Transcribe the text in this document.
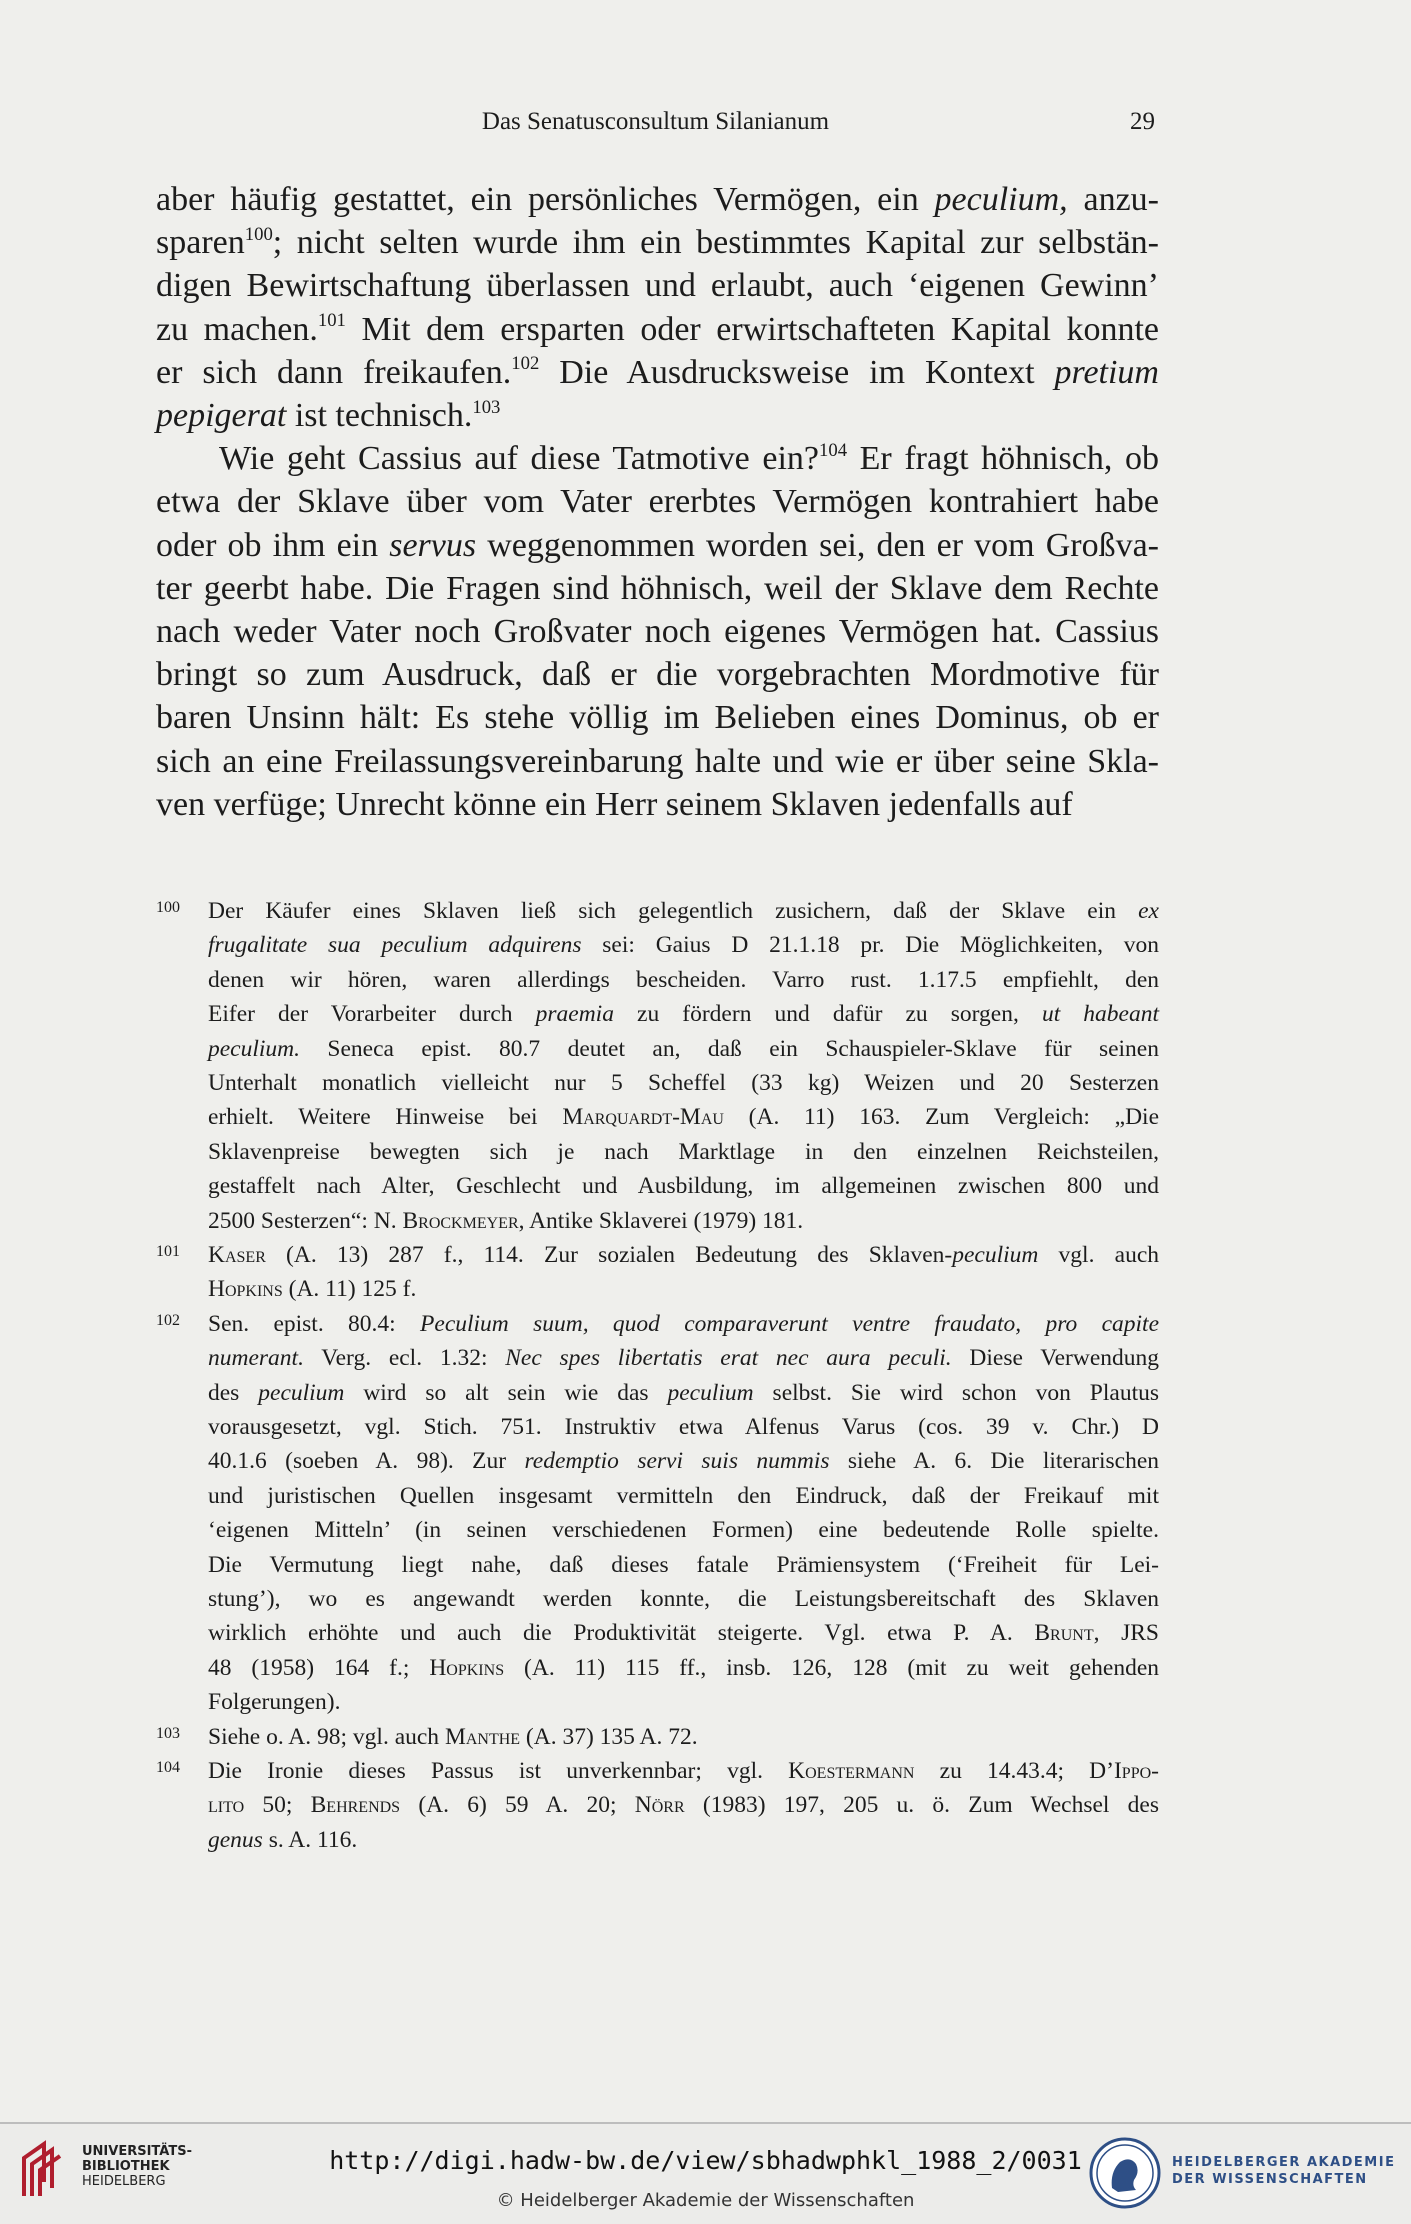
Das Senatusconsultum Silanianum	29
aber häufig gestattet, ein persönliches Vermögen, ein peculium, anzu-
sparen$^{100}$; nicht selten wurde ihm ein bestimmtes Kapital zur selbstän-
digen Bewirtschaftung überlassen und erlaubt, auch ‘eigenen Gewinn’
zu machen.$^{101}$ Mit dem ersparten oder erwirtschafteten Kapital konnte
er sich dann freikaufen.$^{102}$ Die Ausdrucksweise im Kontext pretium
pepigerat ist technisch.$^{103}$
Wie geht Cassius auf diese Tatmotive ein?$^{104}$ Er fragt höhnisch, ob
etwa der Sklave über vom Vater ererbtes Vermögen kontrahiert habe
oder ob ihm ein servus weggenommen worden sei, den er vom Großva-
ter geerbt habe. Die Fragen sind höhnisch, weil der Sklave dem Rechte
nach weder Vater noch Großvater noch eigenes Vermögen hat. Cassius
bringt so zum Ausdruck, daß er die vorgebrachten Mordmotive für
baren Unsinn hält: Es stehe völlig im Belieben eines Dominus, ob er
sich an eine Freilassungsvereinbarung halte und wie er über seine Skla-
ven verfüge; Unrecht könne ein Herr seinem Sklaven jedenfalls auf
100 Der Käufer eines Sklaven ließ sich gelegentlich zusichern, daß der Sklave ein ex
frugalitate sua peculium adquirens sei: Gaius D 21.1.18 pr. Die Möglichkeiten, von
denen wir hören, waren allerdings bescheiden. Varro rust. 1.17.5 empfiehlt, den
Eifer der Vorarbeiter durch praemia zu fördern und dafür zu sorgen, ut habeant
peculium. Seneca epist. 80.7 deutet an, daß ein Schauspieler-Sklave für seinen
Unterhalt monatlich vielleicht nur 5 Scheffel (33 kg) Weizen und 20 Sesterzen
erhielt. Weitere Hinweise bei Marquardt-Mau (A. 11) 163. Zum Vergleich: „Die
Sklavenpreise bewegten sich je nach Marktlage in den einzelnen Reichsteilen,
gestaffelt nach Alter, Geschlecht und Ausbildung, im allgemeinen zwischen 800 und
2500 Sesterzen“: N. Brockmeyer, Antike Sklaverei (1979) 181.
101 Kaser (A. 13) 287 f., 114. Zur sozialen Bedeutung des Sklaven-peculium vgl. auch
Hopkins (A. 11) 125 f.
102 Sen. epist. 80.4: Peculium suum, quod comparaverunt ventre fraudato, pro capite
numerant. Verg. ecl. 1.32: Nec spes libertatis erat nec aura peculi. Diese Verwendung
des peculium wird so alt sein wie das peculium selbst. Sie wird schon von Plautus
vorausgesetzt, vgl. Stich. 751. Instruktiv etwa Alfenus Varus (cos. 39 v. Chr.) D
40.1.6 (soeben A. 98). Zur redemptio servi suis nummis siehe A. 6. Die literarischen
und juristischen Quellen insgesamt vermitteln den Eindruck, daß der Freikauf mit
‘eigenen Mitteln’ (in seinen verschiedenen Formen) eine bedeutende Rolle spielte.
Die Vermutung liegt nahe, daß dieses fatale Prämiensystem (‘Freiheit für Lei-
stung’), wo es angewandt werden konnte, die Leistungsbereitschaft des Sklaven
wirklich erhöhte und auch die Produktivität steigerte. Vgl. etwa P. A. Brunt, JRS
48 (1958) 164 f.; Hopkins (A. 11) 115 ff., insb. 126, 128 (mit zu weit gehenden
Folgerungen).
103 Siehe o. A. 98; vgl. auch Manthe (A. 37) 135 A. 72.
104 Die Ironie dieses Passus ist unverkennbar; vgl. Koestermann zu 14.43.4; D’Ippo-
lito 50; Behrends (A. 6) 59 A. 20; Nörr (1983) 197, 205 u. ö. Zum Wechsel des
genus s. A. 116.
UNIVERSITÄTS-
BIBLIOTHEK
HEIDELBERG
http://digi.hadw-bw.de/view/sbhadwphkl_1988_2/0031
© Heidelberger Akademie der Wissenschaften
HEIDELBERGER AKADEMIE
DER WISSENSCHAFTEN
